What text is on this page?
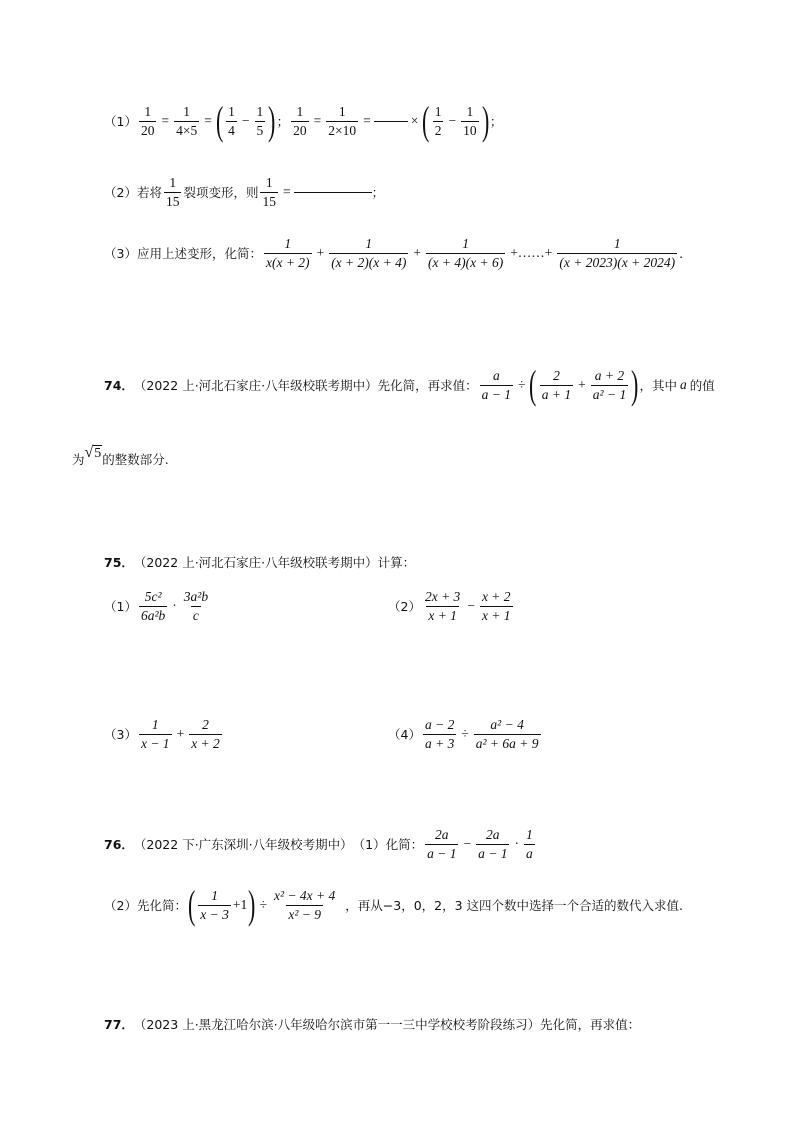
$(1) \frac{1}{20} = \frac{1}{4\times 5}$ = ( $\frac{1}{4} - \frac{1}{5}$ ) ； $\frac{1}{20} = \frac{1}{2\times 10}$ =	× ( $\frac{1}{2} - \frac{1}{10}$ ) ；
（2） 若将 $\frac{1}{15}$ 裂项变形，则 $\frac{1}{15}$ =	；
（3） 应用上述变形，化简： $\frac{1}{x(x + 2)} + \frac{1}{(x + 2)(x + 4)} + \frac{1}{(x + 4)(x + 6)}$ +……+ $\frac{1}{(x + 2023)(x + 2024)}$ .
74． （2022 上·河北石家庄·八年级校联考期中） 先化简，再求值： $\frac{a}{a - 1}$ ÷ ( $\frac{2}{a + 1} + \frac{a + 2}{\text{a² − 1}}$ ) ，其中 a 的值
为 √ 5 的整数部分.
75． （2022 上·河北石家庄·八年级校联考期中） 计算：
$(1) \frac{\text{5c²}}{\text{6a²b}} \cdot \frac{\text{3a²b}}{c}$	$(2) \frac{2x + 3}{x + 1} - \frac{x + 2}{x + 1}$
$(3) \frac{1}{x - 1} + \frac{2}{x + 2}$	$(4) \frac{a - 2}{a + 3} \div \frac{\text{a² − 4}}{\text{a² + 6a + 9}}$
76． （2022 下·广东深圳·八年级校考期中） （1）化简： $\frac{2a}{a - 1} - \frac{2a}{a - 1} \cdot \frac{1}{a}$
（2）先化简： ( $\frac{1}{x - 3} +1$ ) ÷ $\frac{\text{x² − 4x + 4}}{\text{x² − 9}}$ ，再从−3，0，2，3 这四个数中选择一个合适的数代入求值.
77． （2023 上·黑龙江哈尔滨·八年级哈尔滨市第一一三中学校校考阶段练习） 先化简，再求值：
